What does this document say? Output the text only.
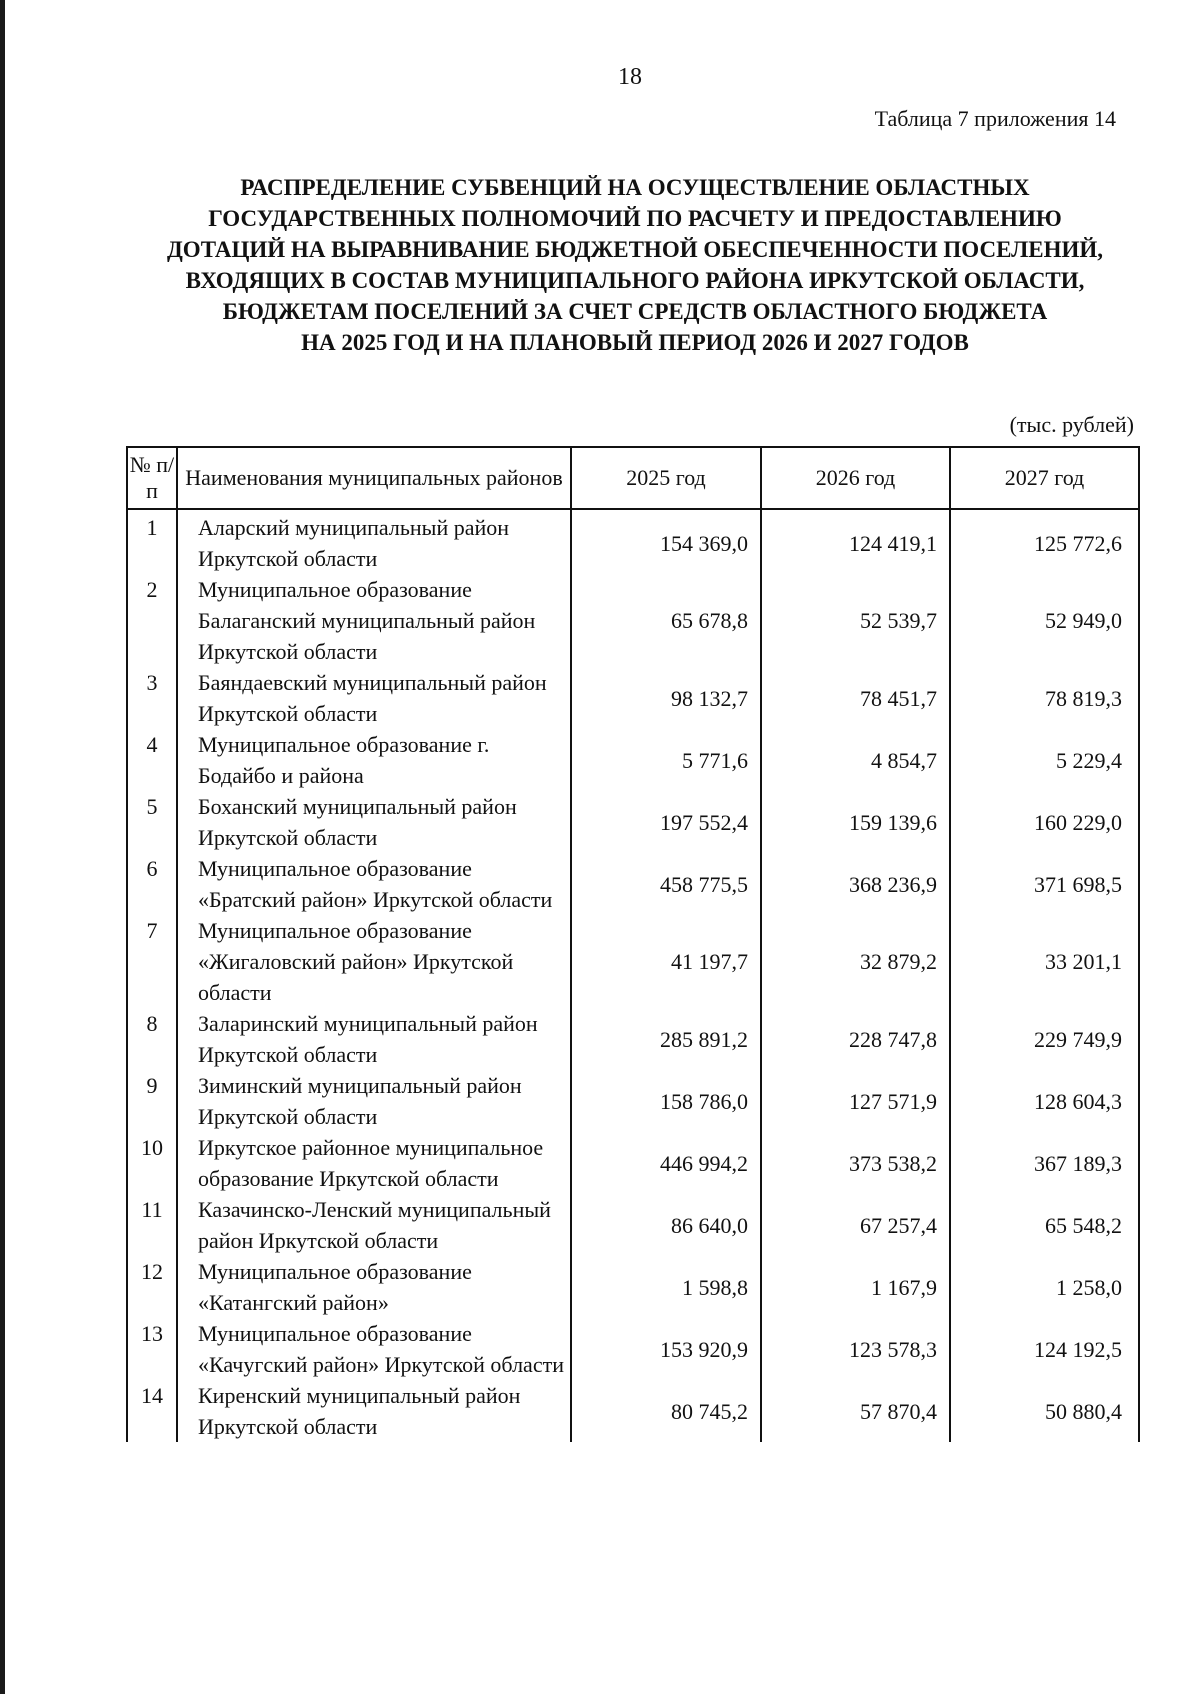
18
Таблица 7 приложения 14
РАСПРЕДЕЛЕНИЕ СУБВЕНЦИЙ НА ОСУЩЕСТВЛЕНИЕ ОБЛАСТНЫХ
ГОСУДАРСТВЕННЫХ ПОЛНОМОЧИЙ ПО РАСЧЕТУ И ПРЕДОСТАВЛЕНИЮ
ДОТАЦИЙ НА ВЫРАВНИВАНИЕ БЮДЖЕТНОЙ ОБЕСПЕЧЕННОСТИ ПОСЕЛЕНИЙ,
ВХОДЯЩИХ В СОСТАВ МУНИЦИПАЛЬНОГО РАЙОНА ИРКУТСКОЙ ОБЛАСТИ,
БЮДЖЕТАМ ПОСЕЛЕНИЙ ЗА СЧЕТ СРЕДСТВ ОБЛАСТНОГО БЮДЖЕТА
НА 2025 ГОД И НА ПЛАНОВЫЙ ПЕРИОД 2026 И 2027 ГОДОВ
(тыс. рублей)
№ п/п	Наименования муниципальных районов	2025 год	2026 год	2027 год
1	Аларский муниципальный район Иркутской области	154 369,0	124 419,1	125 772,6
2	Муниципальное образование Балаганский муниципальный район Иркутской области	65 678,8	52 539,7	52 949,0
3	Баяндаевский муниципальный район Иркутской области	98 132,7	78 451,7	78 819,3
4	Муниципальное образование г. Бодайбо и района	5 771,6	4 854,7	5 229,4
5	Боханский муниципальный район Иркутской области	197 552,4	159 139,6	160 229,0
6	Муниципальное образование «Братский район» Иркутской области	458 775,5	368 236,9	371 698,5
7	Муниципальное образование «Жигаловский район» Иркутской области	41 197,7	32 879,2	33 201,1
8	Заларинский муниципальный район Иркутской области	285 891,2	228 747,8	229 749,9
9	Зиминский муниципальный район Иркутской области	158 786,0	127 571,9	128 604,3
10	Иркутское районное муниципальное образование Иркутской области	446 994,2	373 538,2	367 189,3
11	Казачинско-Ленский муниципальный район Иркутской области	86 640,0	67 257,4	65 548,2
12	Муниципальное образование «Катангский район»	1 598,8	1 167,9	1 258,0
13	Муниципальное образование «Качугский район» Иркутской области	153 920,9	123 578,3	124 192,5
14	Киренский муниципальный район Иркутской области	80 745,2	57 870,4	50 880,4
